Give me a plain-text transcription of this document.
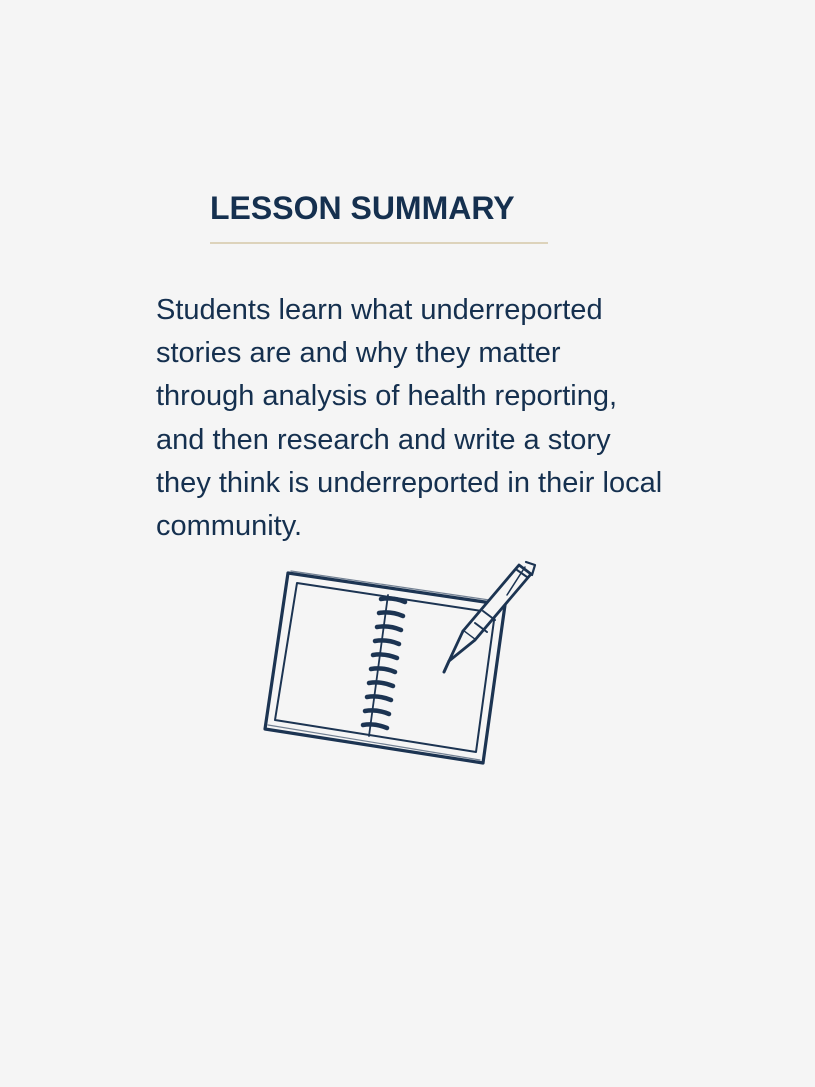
LESSON SUMMARY

Students learn what underreported stories are and why they matter through analysis of health reporting, and then research and write a story they think is underreported in their local community.
